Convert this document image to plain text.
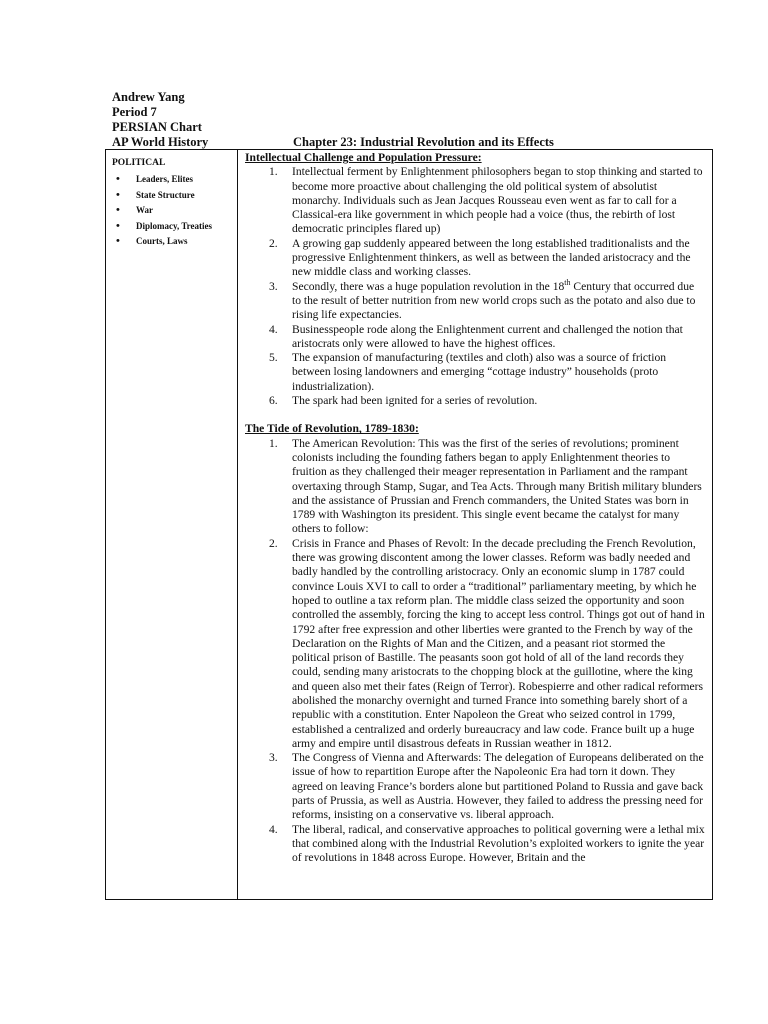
Andrew Yang
Period 7
PERSIAN Chart
AP World History	Chapter 23: Industrial Revolution and its Effects
POLITICAL
• Leaders, Elites
• State Structure
• War
• Diplomacy, Treaties
• Courts, Laws

Intellectual Challenge and Population Pressure:

1. Intellectual ferment by Enlightenment philosophers began to stop thinking and started to become more proactive about challenging the old political system of absolutist monarchy. Individuals such as Jean Jacques Rousseau even went as far to call for a Classical-era like government in which people had a voice (thus, the rebirth of lost democratic principles flared up)
2. A growing gap suddenly appeared between the long established traditionalists and the progressive Enlightenment thinkers, as well as between the landed aristocracy and the new middle class and working classes.
3. Secondly, there was a huge population revolution in the 18th Century that occurred due to the result of better nutrition from new world crops such as the potato and also due to rising life expectancies.
4. Businesspeople rode along the Enlightenment current and challenged the notion that aristocrats only were allowed to have the highest offices.
5. The expansion of manufacturing (textiles and cloth) also was a source of friction between losing landowners and emerging “cottage industry” households (proto industrialization).
6. The spark had been ignited for a series of revolution.

The Tide of Revolution, 1789-1830:

1. The American Revolution: This was the first of the series of revolutions; prominent colonists including the founding fathers began to apply Enlightenment theories to fruition as they challenged their meager representation in Parliament and the rampant overtaxing through Stamp, Sugar, and Tea Acts. Through many British military blunders and the assistance of Prussian and French commanders, the United States was born in 1789 with Washington its president. This single event became the catalyst for many others to follow:
2. Crisis in France and Phases of Revolt: In the decade precluding the French Revolution, there was growing discontent among the lower classes. Reform was badly needed and badly handled by the controlling aristocracy. Only an economic slump in 1787 could convince Louis XVI to call to order a “traditional” parliamentary meeting, by which he hoped to outline a tax reform plan. The middle class seized the opportunity and soon controlled the assembly, forcing the king to accept less control. Things got out of hand in 1792 after free expression and other liberties were granted to the French by way of the Declaration on the Rights of Man and the Citizen, and a peasant riot stormed the political prison of Bastille. The peasants soon got hold of all of the land records they could, sending many aristocrats to the chopping block at the guillotine, where the king and queen also met their fates (Reign of Terror). Robespierre and other radical reformers abolished the monarchy overnight and turned France into something barely short of a republic with a constitution. Enter Napoleon the Great who seized control in 1799, established a centralized and orderly bureaucracy and law code. France built up a huge army and empire until disastrous defeats in Russian weather in 1812.
3. The Congress of Vienna and Afterwards: The delegation of Europeans deliberated on the issue of how to repartition Europe after the Napoleonic Era had torn it down. They agreed on leaving France’s borders alone but partitioned Poland to Russia and gave back parts of Prussia, as well as Austria. However, they failed to address the pressing need for reforms, insisting on a conservative vs. liberal approach.
4. The liberal, radical, and conservative approaches to political governing were a lethal mix that combined along with the Industrial Revolution’s exploited workers to ignite the year of revolutions in 1848 across Europe. However, Britain and the
